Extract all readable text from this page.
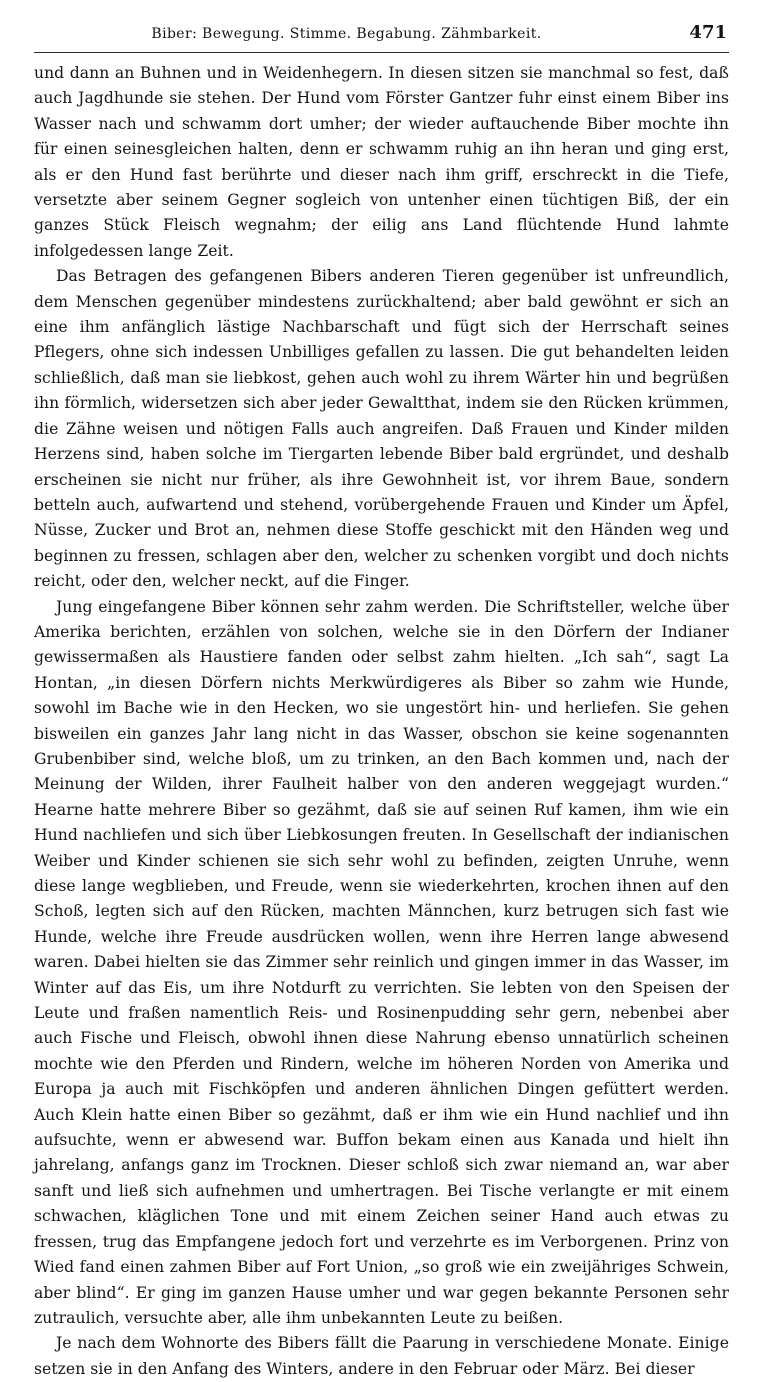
Biber: Bewegung. Stimme. Begabung. Zähmbarkeit.	471

und dann an Buhnen und in Weidenhegern. In diesen sitzen sie manchmal so fest, daß auch Jagdhunde sie stehen. Der Hund vom Förster Gantzer fuhr einst einem Biber ins Wasser nach und schwamm dort umher; der wieder auftauchende Biber mochte ihn für einen seinesgleichen halten, denn er schwamm ruhig an ihn heran und ging erst, als er den Hund fast berührte und dieser nach ihm griff, erschreckt in die Tiefe, versetzte aber seinem Gegner sogleich von untenher einen tüchtigen Biß, der ein ganzes Stück Fleisch wegnahm; der eilig ans Land flüchtende Hund lahmte infolgedessen lange Zeit.

Das Betragen des gefangenen Bibers anderen Tieren gegenüber ist unfreundlich, dem Menschen gegenüber mindestens zurückhaltend; aber bald gewöhnt er sich an eine ihm anfänglich lästige Nachbarschaft und fügt sich der Herrschaft seines Pflegers, ohne sich indessen Unbilliges gefallen zu lassen. Die gut behandelten leiden schließlich, daß man sie liebkost, gehen auch wohl zu ihrem Wärter hin und begrüßen ihn förmlich, widersetzen sich aber jeder Gewaltthat, indem sie den Rücken krümmen, die Zähne weisen und nötigen Falls auch angreifen. Daß Frauen und Kinder milden Herzens sind, haben solche im Tiergarten lebende Biber bald ergründet, und deshalb erscheinen sie nicht nur früher, als ihre Gewohnheit ist, vor ihrem Baue, sondern betteln auch, aufwartend und stehend, vorübergehende Frauen und Kinder um Äpfel, Nüsse, Zucker und Brot an, nehmen diese Stoffe geschickt mit den Händen weg und beginnen zu fressen, schlagen aber den, welcher zu schenken vorgibt und doch nichts reicht, oder den, welcher neckt, auf die Finger.

Jung eingefangene Biber können sehr zahm werden. Die Schriftsteller, welche über Amerika berichten, erzählen von solchen, welche sie in den Dörfern der Indianer gewissermaßen als Haustiere fanden oder selbst zahm hielten. „Ich sah“, sagt La Hontan, „in diesen Dörfern nichts Merkwürdigeres als Biber so zahm wie Hunde, sowohl im Bache wie in den Hecken, wo sie ungestört hin- und herliefen. Sie gehen bisweilen ein ganzes Jahr lang nicht in das Wasser, obschon sie keine sogenannten Grubenbiber sind, welche bloß, um zu trinken, an den Bach kommen und, nach der Meinung der Wilden, ihrer Faulheit halber von den anderen weggejagt wurden.“ Hearne hatte mehrere Biber so gezähmt, daß sie auf seinen Ruf kamen, ihm wie ein Hund nachliefen und sich über Liebkosungen freuten. In Gesellschaft der indianischen Weiber und Kinder schienen sie sich sehr wohl zu befinden, zeigten Unruhe, wenn diese lange wegblieben, und Freude, wenn sie wiederkehrten, krochen ihnen auf den Schoß, legten sich auf den Rücken, machten Männchen, kurz betrugen sich fast wie Hunde, welche ihre Freude ausdrücken wollen, wenn ihre Herren lange abwesend waren. Dabei hielten sie das Zimmer sehr reinlich und gingen immer in das Wasser, im Winter auf das Eis, um ihre Notdurft zu verrichten. Sie lebten von den Speisen der Leute und fraßen namentlich Reis- und Rosinenpudding sehr gern, nebenbei aber auch Fische und Fleisch, obwohl ihnen diese Nahrung ebenso unnatürlich scheinen mochte wie den Pferden und Rindern, welche im höheren Norden von Amerika und Europa ja auch mit Fischköpfen und anderen ähnlichen Dingen gefüttert werden. Auch Klein hatte einen Biber so gezähmt, daß er ihm wie ein Hund nachlief und ihn aufsuchte, wenn er abwesend war. Buffon bekam einen aus Kanada und hielt ihn jahrelang, anfangs ganz im Trocknen. Dieser schloß sich zwar niemand an, war aber sanft und ließ sich aufnehmen und umhertragen. Bei Tische verlangte er mit einem schwachen, kläglichen Tone und mit einem Zeichen seiner Hand auch etwas zu fressen, trug das Empfangene jedoch fort und verzehrte es im Verborgenen. Prinz von Wied fand einen zahmen Biber auf Fort Union, „so groß wie ein zweijähriges Schwein, aber blind“. Er ging im ganzen Hause umher und war gegen bekannte Personen sehr zutraulich, versuchte aber, alle ihm unbekannten Leute zu beißen.

Je nach dem Wohnorte des Bibers fällt die Paarung in verschiedene Monate. Einige setzen sie in den Anfang des Winters, andere in den Februar oder März. Bei dieser
